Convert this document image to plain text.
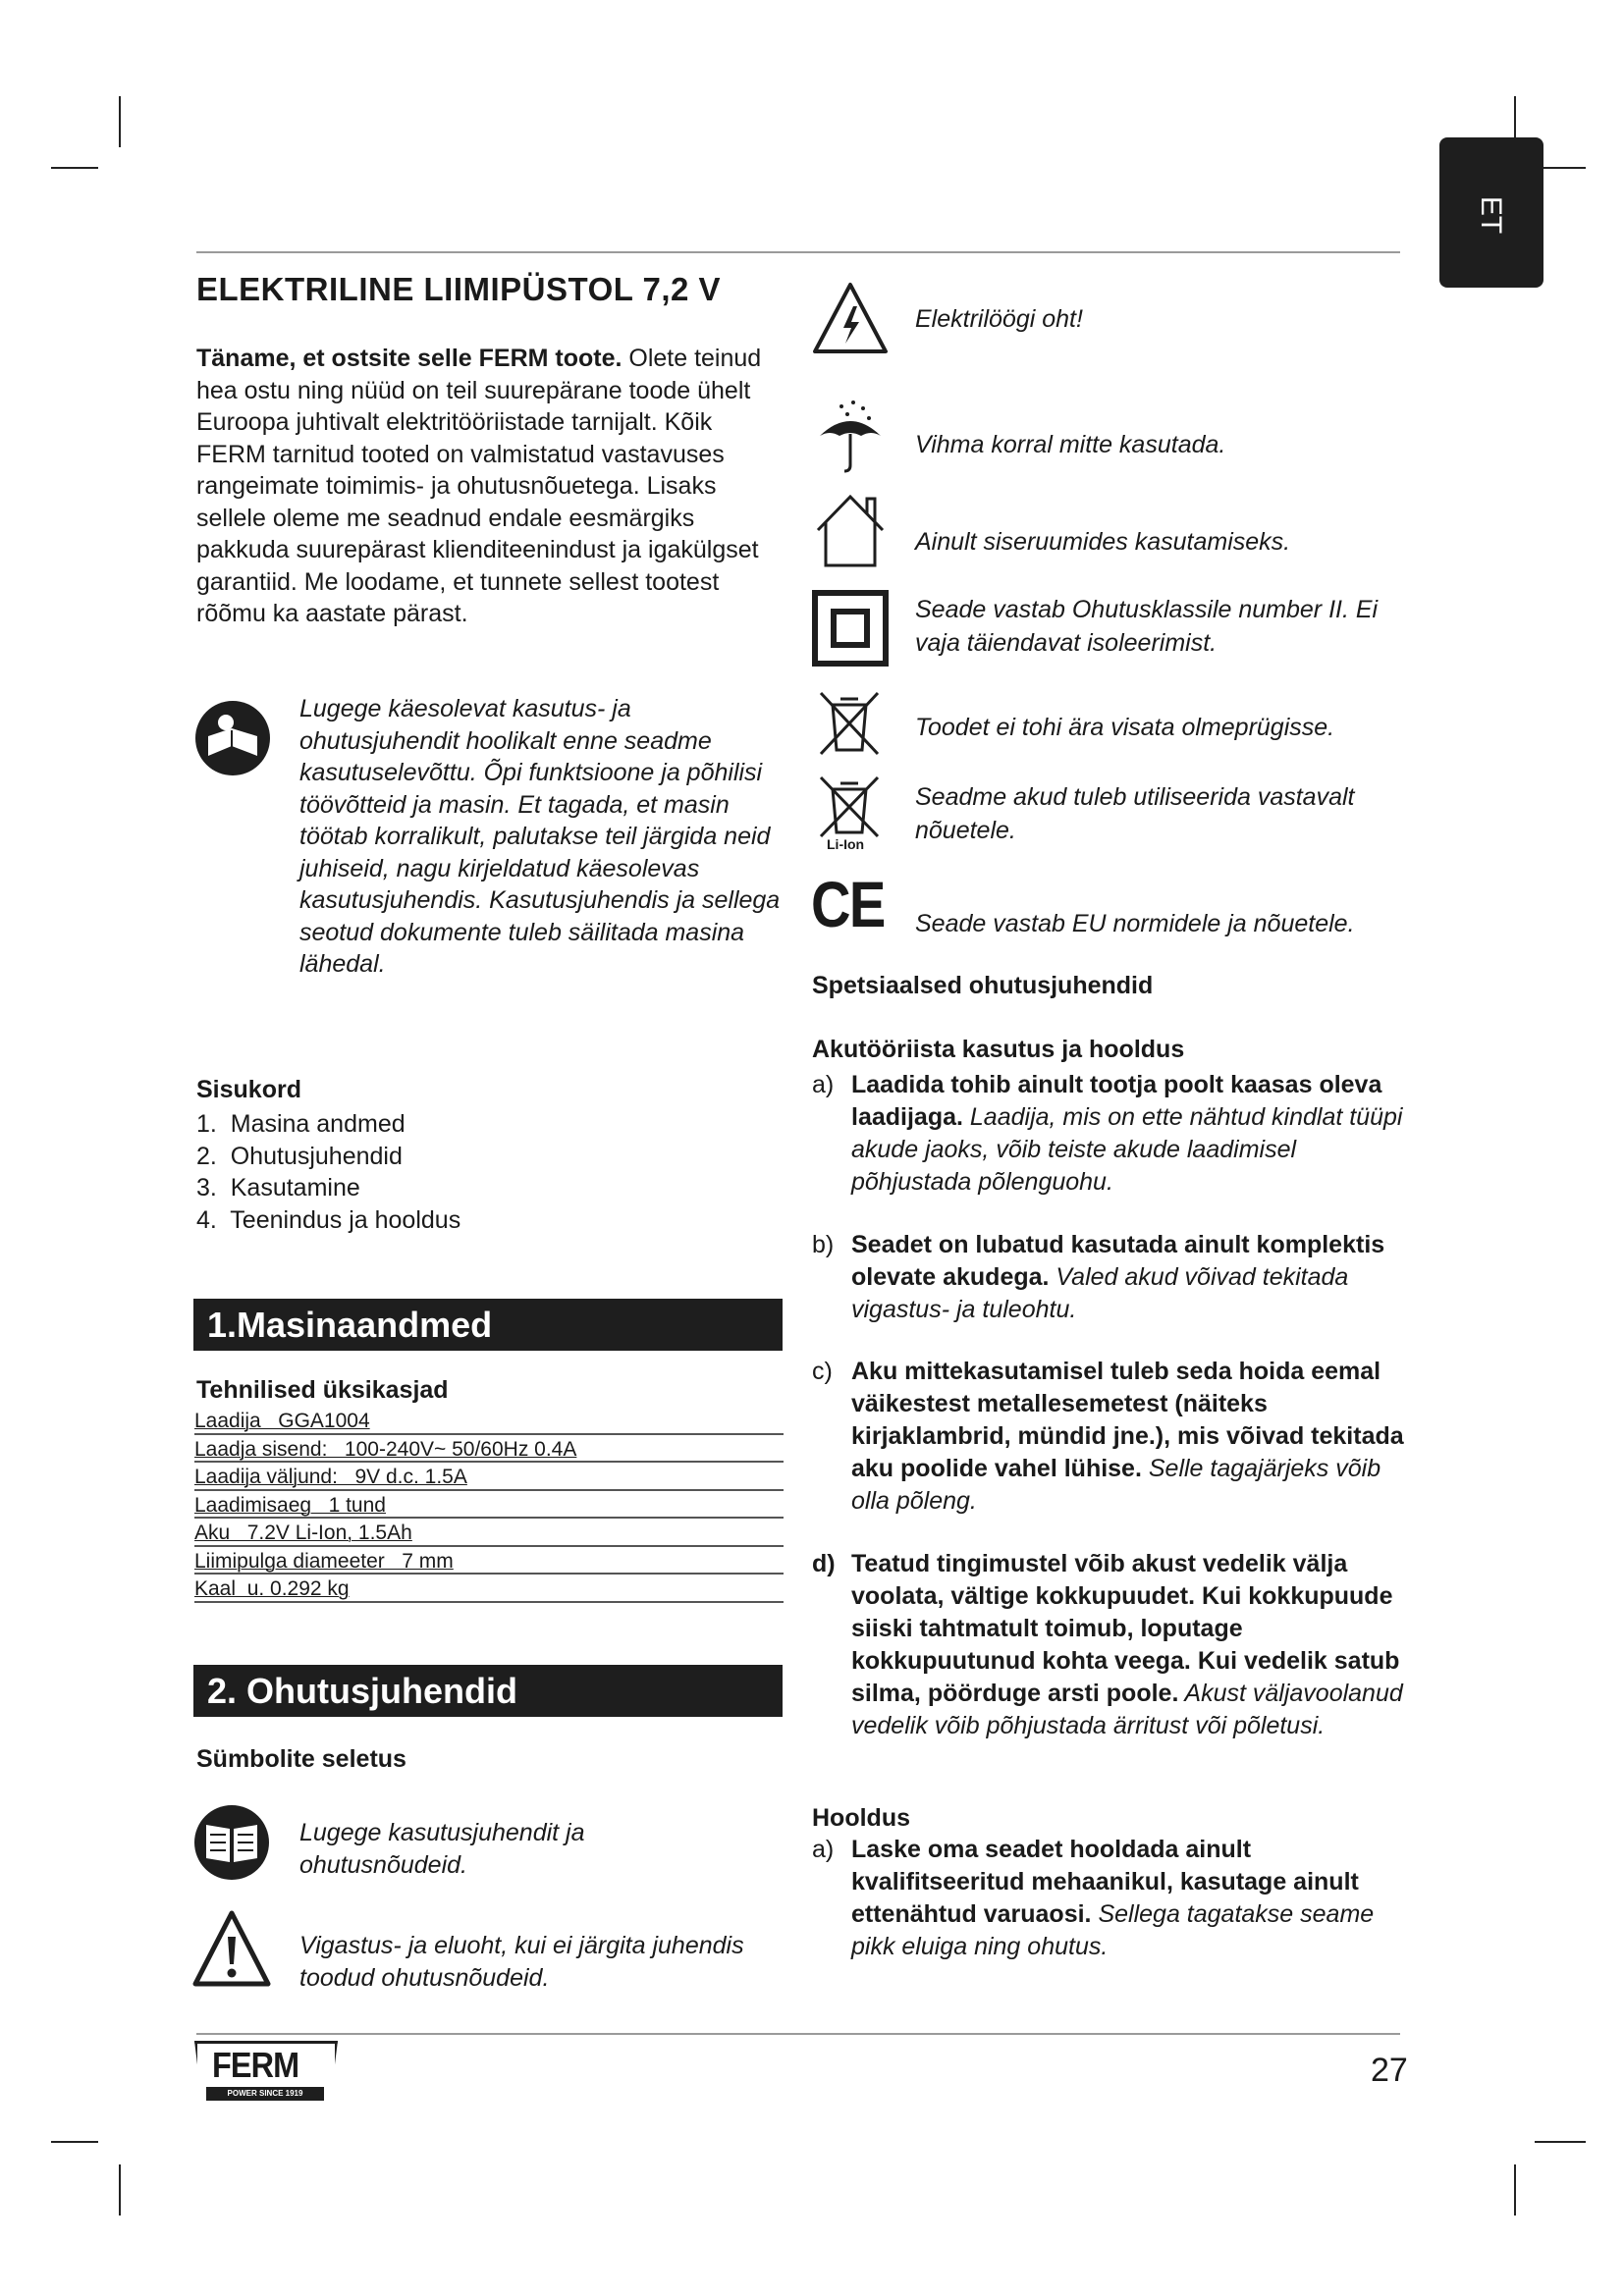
ET
ELEKTRILINE LIIMIPÜSTOL 7,2 V
Täname, et ostsite selle FERM toote. Olete teinud hea ostu ning nüüd on teil suurepärane toode ühelt Euroopa juhtivalt elektritööriistade tarnijalt. Kõik FERM tarnitud tooted on valmistatud vastavuses rangeimate toimimis- ja ohutusnõuetega. Lisaks sellele oleme me seadnud endale eesmärgiks pakkuda suurepärast klienditeenindust ja igakülgset garantiid. Me loodame, et tunnete sellest tootest rõõmu ka aastate pärast.
Lugege käesolevat kasutus- ja ohutusjuhendit hoolikalt enne seadme kasutuselevõttu. Õpi funktsioone ja põhilisi töövõtteid ja masin. Et tagada, et masin töötab korralikult, palutakse teil järgida neid juhiseid, nagu kirjeldatud käesolevas kasutusjuhendis. Kasutusjuhendis ja sellega seotud dokumente tuleb säilitada masina lähedal.
Sisukord
1.  Masina andmed
2.  Ohutusjuhendid
3.  Kasutamine
4.  Teenindus ja hooldus
1.Masinaandmed
Tehnilised üksikasjad
Laadija   GGA1004
Laadja sisend:   100-240V~ 50/60Hz 0.4A
Laadija väljund:   9V d.c. 1.5A
Laadimisaeg   1 tund
Aku   7.2V Li-Ion, 1.5Ah
Liimipulga diameeter   7 mm
Kaal  u. 0.292 kg
2. Ohutusjuhendid
Sümbolite seletus
Lugege kasutusjuhendit ja ohutusnõudeid.
Vigastus- ja eluoht, kui ei järgita juhendis toodud ohutusnõudeid.
Elektrilöögi oht!
Vihma korral mitte kasutada.
Ainult siseruumides kasutamiseks.
Seade vastab Ohutusklassile number II. Ei vaja täiendavat isoleerimist.
Toodet ei tohi ära visata olmeprügisse.
Li-Ion
Seadme akud tuleb utiliseerida vastavalt nõuetele.
CE Seade vastab EU normidele ja nõuetele.
Spetsiaalsed ohutusjuhendid
Akutööriista kasutus ja hooldus
a) Laadida tohib ainult tootja poolt kaasas oleva laadijaga. Laadija, mis on ette nähtud kindlat tüüpi akude jaoks, võib teiste akude laadimisel põhjustada põlenguohu.
b) Seadet on lubatud kasutada ainult komplektis olevate akudega. Valed akud võivad tekitada vigastus- ja tuleohtu.
c) Aku mittekasutamisel tuleb seda hoida eemal väikestest metallesemetest (näiteks kirjaklambrid, mündid jne.), mis võivad tekitada aku poolide vahel lühise. Selle tagajärjeks võib olla põleng.
d) Teatud tingimustel võib akust vedelik välja voolata, vältige kokkupuudet. Kui kokkupuude siiski tahtmatult toimub, loputage kokkupuutunud kohta veega. Kui vedelik satub silma, pöörduge arsti poole. Akust väljavoolanud vedelik võib põhjustada ärritust või põletusi.
Hooldus
a) Laske oma seadet hooldada ainult kvalifitseeritud mehaanikul, kasutage ainult ettenähtud varuaosi. Sellega tagatakse seame pikk eluiga ning ohutus.
FERM
POWER SINCE 1919
27
